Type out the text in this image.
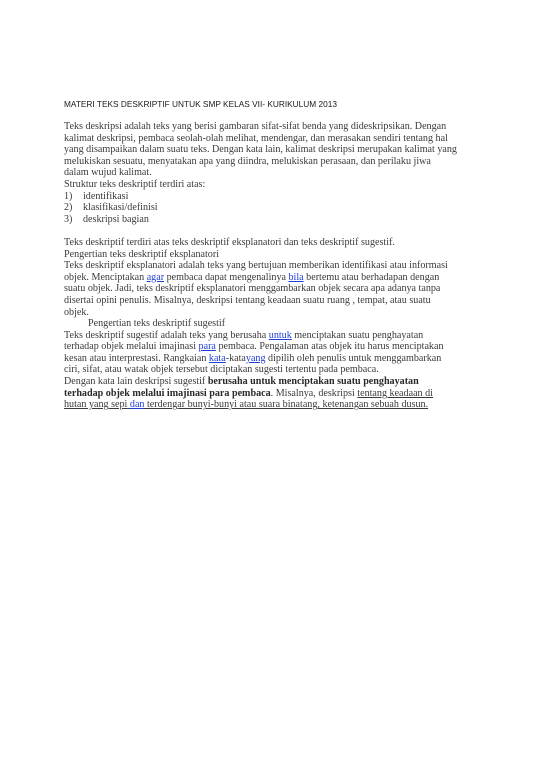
MATERI TEKS DESKRIPTIF UNTUK SMP KELAS VII- KURIKULUM 2013
Teks deskripsi adalah teks yang berisi gambaran sifat-sifat benda yang dideskripsikan. Dengan
kalimat deskripsi, pembaca seolah-olah melihat, mendengar, dan merasakan sendiri tentang hal
yang disampaikan dalam suatu teks. Dengan kata lain, kalimat deskripsi merupakan kalimat yang
melukiskan sesuatu, menyatakan apa yang diindra, melukiskan perasaan, dan perilaku jiwa
dalam wujud kalimat.
Struktur teks deskriptif terdiri atas:
1) identifikasi
2) klasifikasi/definisi
3) deskripsi bagian
Teks deskriptif terdiri atas teks deskriptif eksplanatori dan teks deskriptif sugestif.
Pengertian teks deskriptif eksplanatori
Teks deskriptif eksplanatori adalah teks yang bertujuan memberikan identifikasi atau informasi
objek. Menciptakan agar pembaca dapat mengenalinya bila bertemu atau berhadapan dengan
suatu objek. Jadi, teks deskriptif eksplanatori menggambarkan objek secara apa adanya tanpa
disertai opini penulis. Misalnya, deskripsi tentang keadaan suatu ruang , tempat, atau suatu
objek.
Pengertian teks deskriptif sugestif
Teks deskriptif sugestif adalah teks yang berusaha untuk menciptakan suatu penghayatan
terhadap objek melalui imajinasi para pembaca. Pengalaman atas objek itu harus menciptakan
kesan atau interprestasi. Rangkaian kata-katayang dipilih oleh penulis untuk menggambarkan
ciri, sifat, atau watak objek tersebut diciptakan sugesti tertentu pada pembaca.
Dengan kata lain deskripsi sugestif berusaha untuk menciptakan suatu penghayatan
terhadap objek melalui imajinasi para pembaca. Misalnya, deskripsi tentang keadaan di
hutan yang sepi dan terdengar bunyi-bunyi atau suara binatang, ketenangan sebuah dusun.
